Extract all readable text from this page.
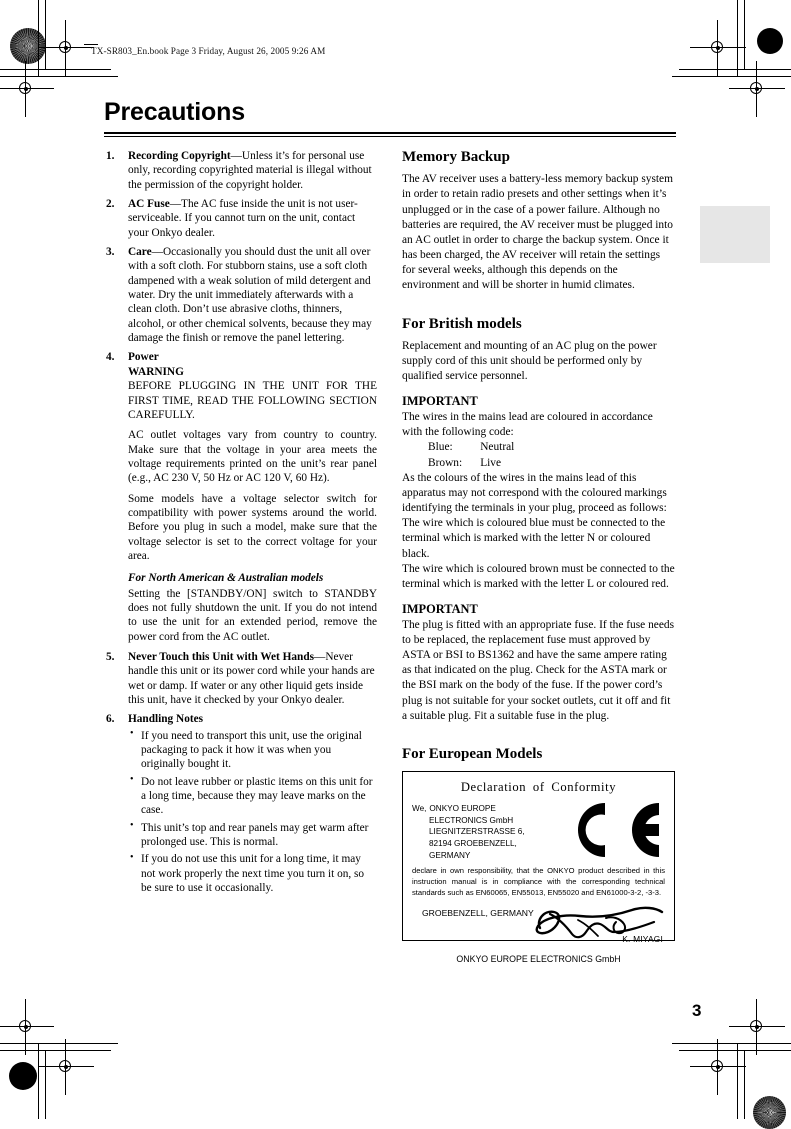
TX-SR803_En.book Page 3 Friday, August 26, 2005 9:26 AM
Precautions
Recording Copyright—Unless it’s for personal use only, recording copyrighted material is illegal without the permission of the copyright holder.
AC Fuse—The AC fuse inside the unit is not user-serviceable. If you cannot turn on the unit, contact your Onkyo dealer.
Care—Occasionally you should dust the unit all over with a soft cloth. For stubborn stains, use a soft cloth dampened with a weak solution of mild detergent and water. Dry the unit immediately afterwards with a clean cloth. Don’t use abrasive cloths, thinners, alcohol, or other chemical solvents, because they may damage the finish or remove the panel lettering.
Power
WARNING

BEFORE PLUGGING IN THE UNIT FOR THE FIRST TIME, READ THE FOLLOWING SECTION CAREFULLY.

AC outlet voltages vary from country to country. Make sure that the voltage in your area meets the voltage requirements printed on the unit’s rear panel (e.g., AC 230 V, 50 Hz or AC 120 V, 60 Hz).

Some models have a voltage selector switch for compatibility with power systems around the world. Before you plug in such a model, make sure that the voltage selector is set to the correct voltage for your area.

For North American & Australian models

Setting the [STANDBY/ON] switch to STANDBY does not fully shutdown the unit. If you do not intend to use the unit for an extended period, remove the power cord from the AC outlet.

Never Touch this Unit with Wet Hands—Never handle this unit or its power cord while your hands are wet or damp. If water or any other liquid gets inside this unit, have it checked by your Onkyo dealer.
Handling Notes
• If you need to transport this unit, use the original packaging to pack it how it was when you originally bought it.
• Do not leave rubber or plastic items on this unit for a long time, because they may leave marks on the case.
• This unit’s top and rear panels may get warm after prolonged use. This is normal.
• If you do not use this unit for a long time, it may not work properly the next time you turn it on, so be sure to use it occasionally.
Memory Backup

The AV receiver uses a battery-less memory backup system in order to retain radio presets and other settings when it’s unplugged or in the case of a power failure. Although no batteries are required, the AV receiver must be plugged into an AC outlet in order to charge the backup system. Once it has been charged, the AV receiver will retain the settings for several weeks, although this depends on the environment and will be shorter in humid climates.

For British models

Replacement and mounting of an AC plug on the power supply cord of this unit should be performed only by qualified service personnel.

IMPORTANT

The wires in the mains lead are coloured in accordance with the following code:

Blue:	Neutral
Brown:	Live

As the colours of the wires in the mains lead of this apparatus may not correspond with the coloured markings identifying the terminals in your plug, proceed as follows:

The wire which is coloured blue must be connected to the terminal which is marked with the letter N or coloured black.

The wire which is coloured brown must be connected to the terminal which is marked with the letter L or coloured red.

IMPORTANT

The plug is fitted with an appropriate fuse. If the fuse needs to be replaced, the replacement fuse must approved by ASTA or BSI to BS1362 and have the same ampere rating as that indicated on the plug. Check for the ASTA mark or the BSI mark on the body of the fuse. If the power cord’s plug is not suitable for your socket outlets, cut it off and fit a suitable plug. Fit a suitable fuse in the plug.

For European Models
Declaration of Conformity
We, ONKYO EUROPE
ELECTRONICS GmbH
LIEGNITZERSTRASSE 6,
82194 GROEBENZELL,
GERMANY
declare in own responsibility, that the ONKYO product described in this instruction manual is in compliance with the corresponding technical standards such as EN60065, EN55013, EN55020 and EN61000-3-2, -3-3.
GROEBENZELL, GERMANY
K. MIYAGI
ONKYO EUROPE ELECTRONICS GmbH
3
